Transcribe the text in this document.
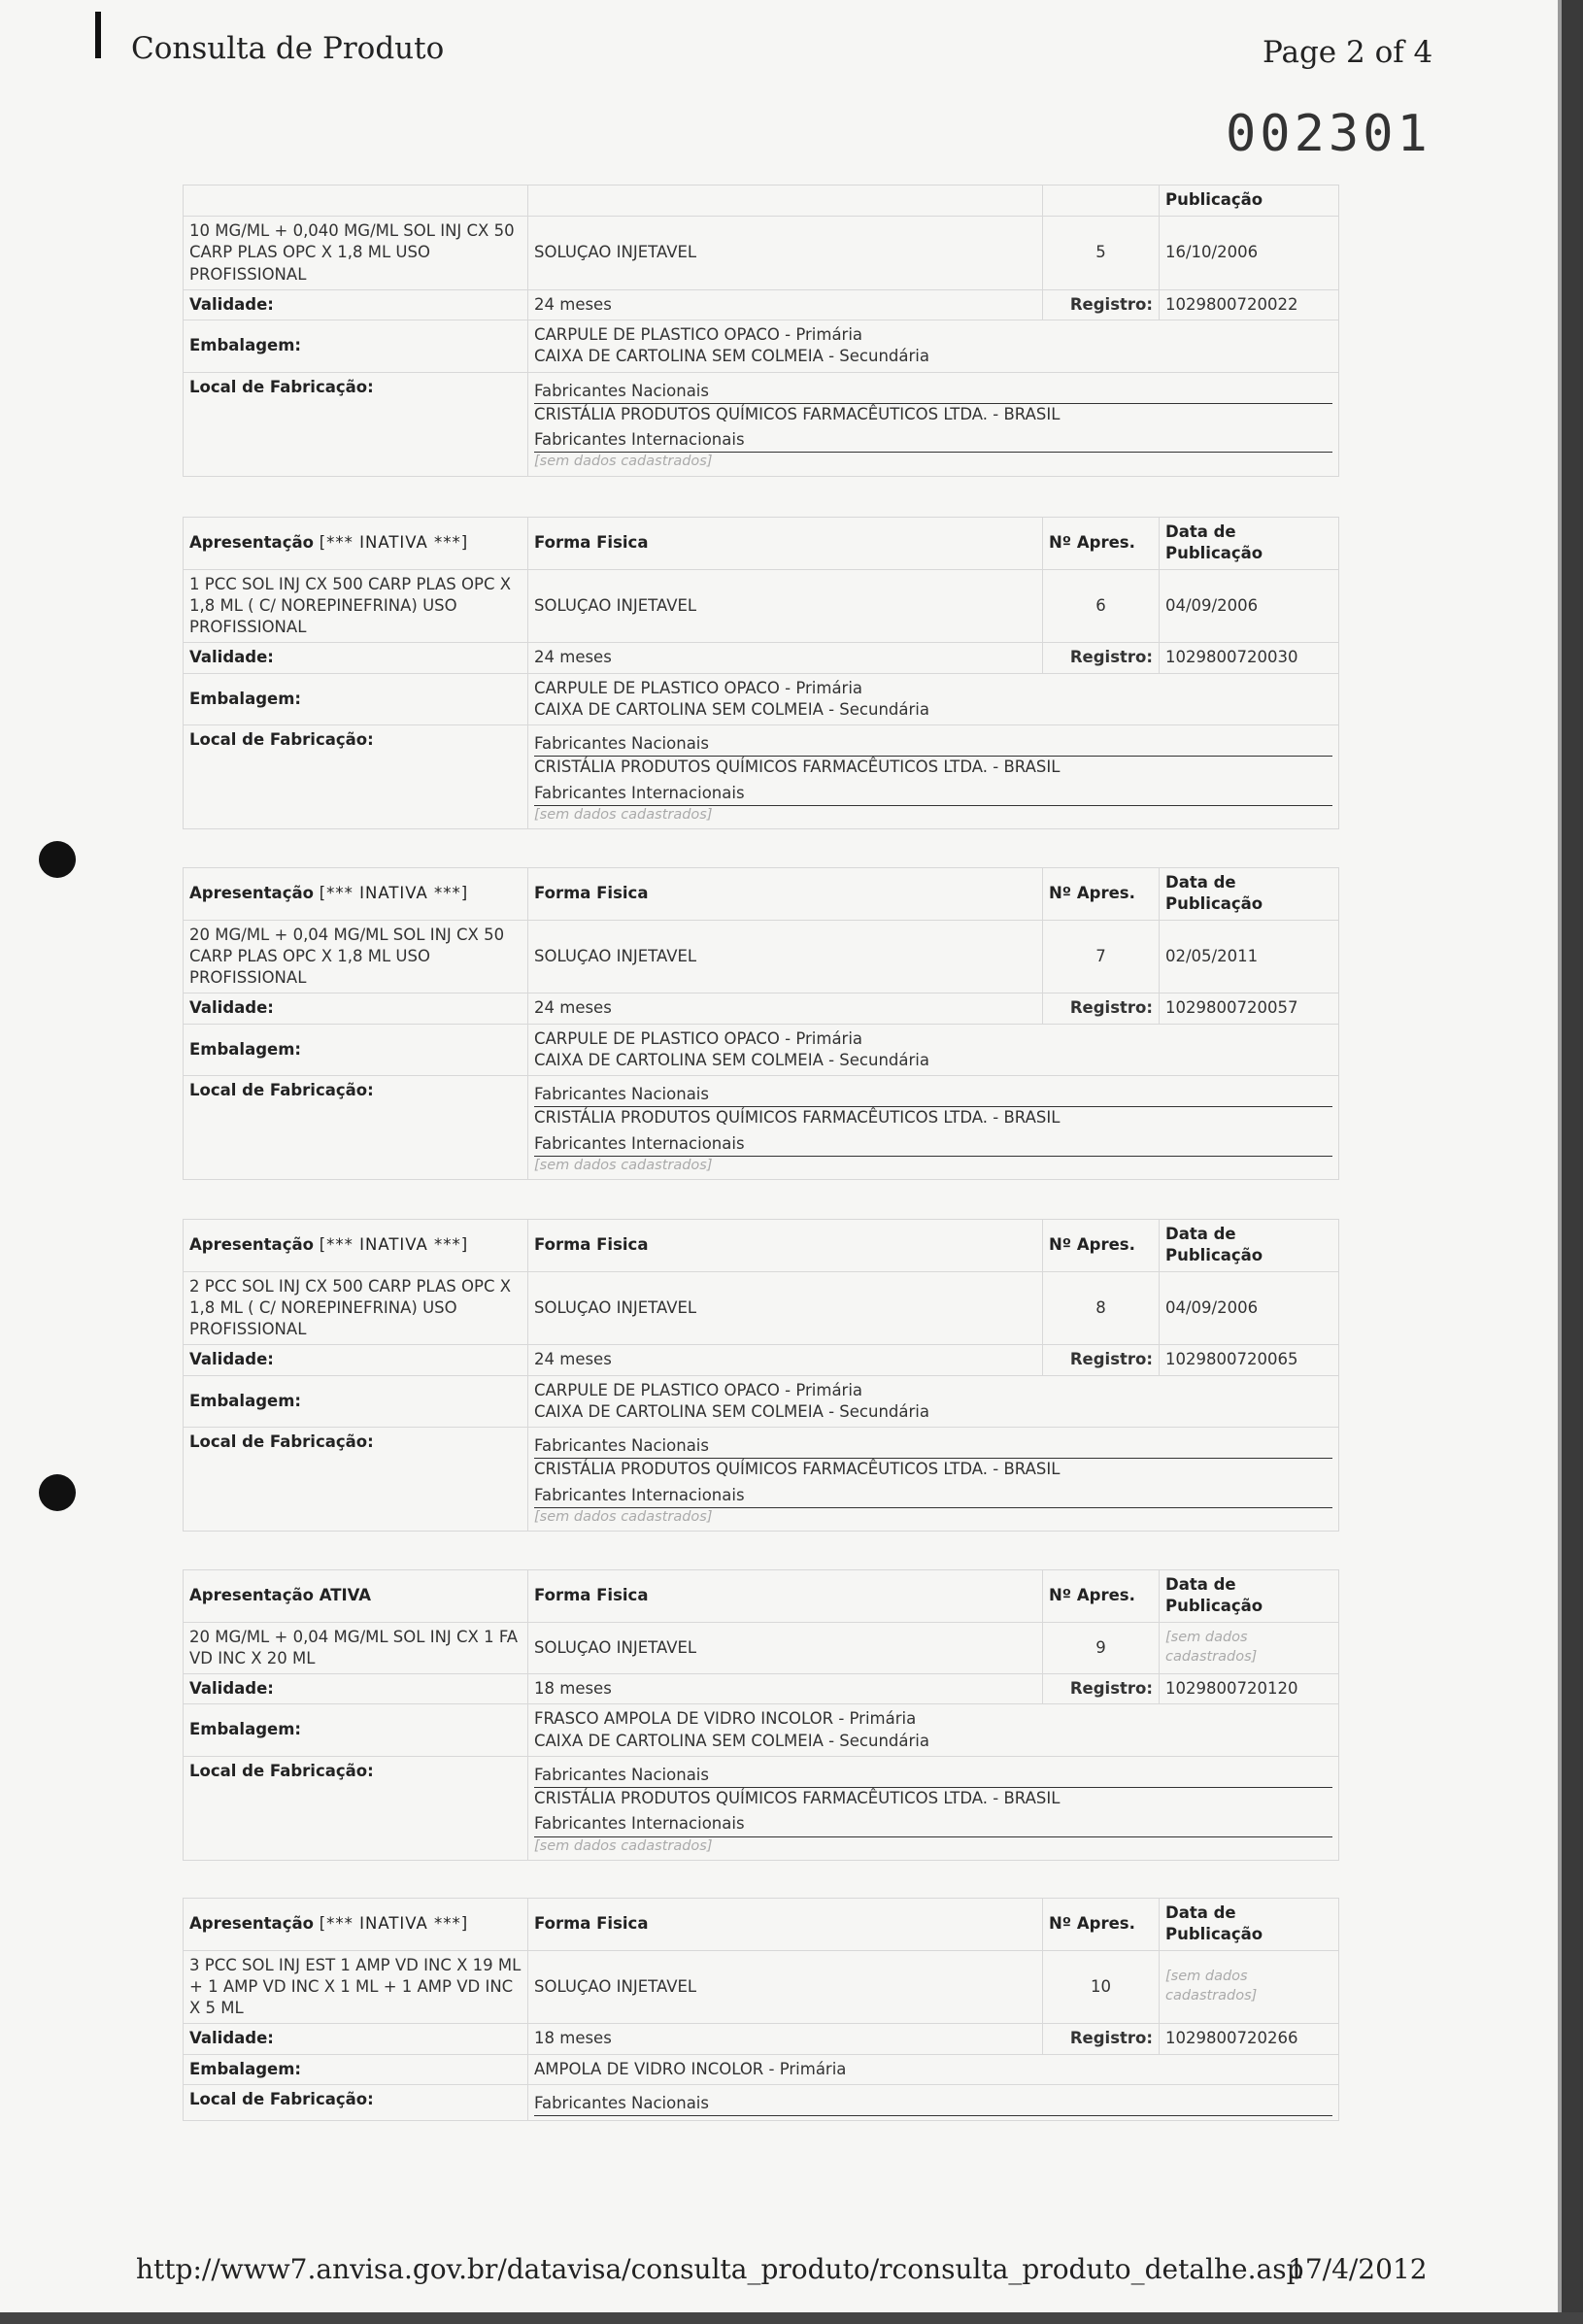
Consulta de Produto	Page 2 of 4
002301
			Publicação
10 MG/ML + 0,040 MG/ML SOL INJ CX 50 CARP PLAS OPC X 1,8 ML USO PROFISSIONAL	SOLUÇAO INJETAVEL	5	16/10/2006
Validade:	24 meses	Registro:	1029800720022
Embalagem:	CARPULE DE PLASTICO OPACO - Primária
CAIXA DE CARTOLINA SEM COLMEIA - Secundária		

Local de Fabricação:	Fabricantes Nacionais
CRISTÁLIA PRODUTOS QUÍMICOS FARMACÊUTICOS LTDA. - BRASIL
Fabricantes Internacionais
[sem dados cadastrados]		
Apresentação [*** INATIVA ***]	Forma Fisica	Nº Apres.	Data de
Publicação

1 PCC SOL INJ CX 500 CARP PLAS OPC X 1,8 ML ( C/ NOREPINEFRINA) USO PROFISSIONAL	SOLUÇAO INJETAVEL	6	04/09/2006
Validade:	24 meses	Registro:	1029800720030
Embalagem:	CARPULE DE PLASTICO OPACO - Primária
CAIXA DE CARTOLINA SEM COLMEIA - Secundária		

Local de Fabricação:	Fabricantes Nacionais
CRISTÁLIA PRODUTOS QUÍMICOS FARMACÊUTICOS LTDA. - BRASIL
Fabricantes Internacionais
[sem dados cadastrados]		
Apresentação [*** INATIVA ***]	Forma Fisica	Nº Apres.	Data de
Publicação

20 MG/ML + 0,04 MG/ML SOL INJ CX 50 CARP PLAS OPC X 1,8 ML USO PROFISSIONAL	SOLUÇAO INJETAVEL	7	02/05/2011
Validade:	24 meses	Registro:	1029800720057
Embalagem:	CARPULE DE PLASTICO OPACO - Primária
CAIXA DE CARTOLINA SEM COLMEIA - Secundária		

Local de Fabricação:	Fabricantes Nacionais
CRISTÁLIA PRODUTOS QUÍMICOS FARMACÊUTICOS LTDA. - BRASIL
Fabricantes Internacionais
[sem dados cadastrados]		
Apresentação [*** INATIVA ***]	Forma Fisica	Nº Apres.	Data de
Publicação

2 PCC SOL INJ CX 500 CARP PLAS OPC X 1,8 ML ( C/ NOREPINEFRINA) USO PROFISSIONAL	SOLUÇAO INJETAVEL	8	04/09/2006
Validade:	24 meses	Registro:	1029800720065
Embalagem:	CARPULE DE PLASTICO OPACO - Primária
CAIXA DE CARTOLINA SEM COLMEIA - Secundária		

Local de Fabricação:	Fabricantes Nacionais
CRISTÁLIA PRODUTOS QUÍMICOS FARMACÊUTICOS LTDA. - BRASIL
Fabricantes Internacionais
[sem dados cadastrados]		
Apresentação ATIVA	Forma Fisica	Nº Apres.	Data de
Publicação

20 MG/ML + 0,04 MG/ML SOL INJ CX 1 FA VD INC X 20 ML	SOLUÇAO INJETAVEL	9	[sem dados cadastrados]
Validade:	18 meses	Registro:	1029800720120
Embalagem:	FRASCO AMPOLA DE VIDRO INCOLOR - Primária
CAIXA DE CARTOLINA SEM COLMEIA - Secundária		

Local de Fabricação:	Fabricantes Nacionais
CRISTÁLIA PRODUTOS QUÍMICOS FARMACÊUTICOS LTDA. - BRASIL
Fabricantes Internacionais
[sem dados cadastrados]		
Apresentação [*** INATIVA ***]	Forma Fisica	Nº Apres.	Data de
Publicação

3 PCC SOL INJ EST 1 AMP VD INC X 19 ML + 1 AMP VD INC X 1 ML + 1 AMP VD INC X 5 ML	SOLUÇAO INJETAVEL	10	[sem dados cadastrados]
Validade:	18 meses	Registro:	1029800720266
Embalagem:	AMPOLA DE VIDRO INCOLOR - Primária		

Local de Fabricação:	Fabricantes Nacionais		
http://www7.anvisa.gov.br/datavisa/consulta_produto/rconsulta_produto_detalhe.asp
17/4/2012
